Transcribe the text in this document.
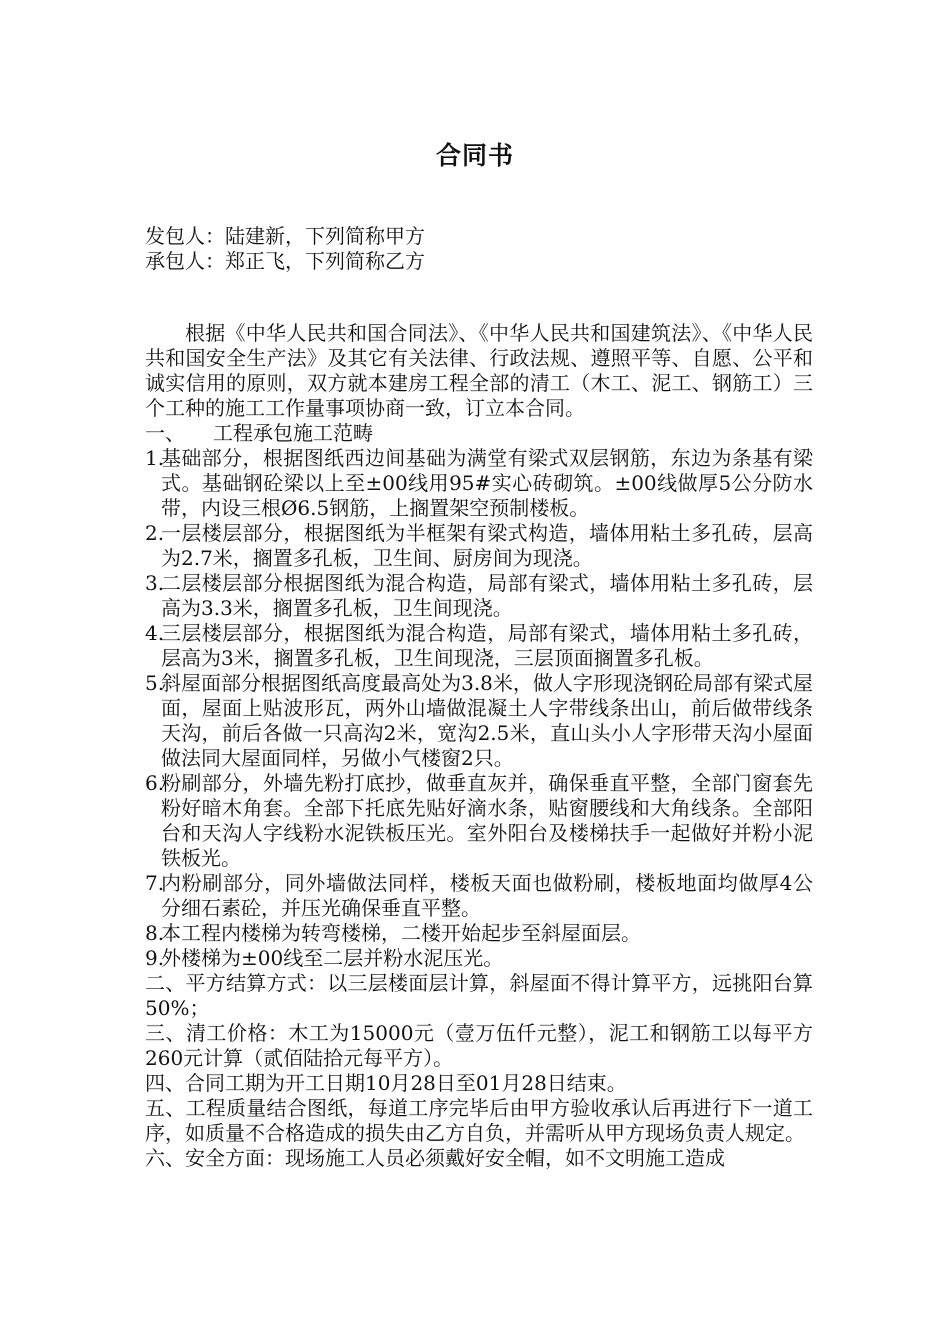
合同书
发包人：陆建新，下列简称甲方
承包人：郑正飞，下列简称乙方
根据《中华人民共和国合同法》、《中华人民共和国建筑法》、《中华人民共和国安全生产法》及其它有关法律、行政法规、遵照平等、自愿、公平和诚实信用的原则，双方就本建房工程全部的清工（木工、泥工、钢筋工）三个工种的施工工作量事项协商一致，订立本合同。
一、 工程承包施工范畴
1.
基础部分，根据图纸西边间基础为满堂有梁式双层钢筋，东边为条基有梁式。基础钢砼梁以上至±00线用95#实心砖砌筑。±00线做厚5公分防水带，内设三根Ø6.5钢筋，上搁置架空预制楼板。
2.
一层楼层部分，根据图纸为半框架有梁式构造，墙体用粘土多孔砖，层高为2.7米，搁置多孔板，卫生间、厨房间为现浇。
3.
二层楼层部分根据图纸为混合构造，局部有梁式，墙体用粘土多孔砖，层高为3.3米，搁置多孔板，卫生间现浇。
4.
三层楼层部分，根据图纸为混合构造，局部有梁式，墙体用粘土多孔砖，层高为3米，搁置多孔板，卫生间现浇，三层顶面搁置多孔板。
5.
斜屋面部分根据图纸高度最高处为3.8米，做人字形现浇钢砼局部有梁式屋面，屋面上贴波形瓦，两外山墙做混凝土人字带线条出山，前后做带线条天沟，前后各做一只高沟2米，宽沟2.5米，直山头小人字形带天沟小屋面做法同大屋面同样，另做小气楼窗2只。
6.
粉刷部分，外墙先粉打底抄，做垂直灰并，确保垂直平整，全部门窗套先粉好暗木角套。全部下托底先贴好滴水条，贴窗腰线和大角线条。全部阳台和天沟人字线粉水泥铁板压光。室外阳台及楼梯扶手一起做好并粉小泥铁板光。
7.
内粉刷部分，同外墙做法同样，楼板天面也做粉刷，楼板地面均做厚4公分细石素砼，并压光确保垂直平整。
8.
本工程内楼梯为转弯楼梯，二楼开始起步至斜屋面层。
9.
外楼梯为±00线至二层并粉水泥压光。
二、平方结算方式：以三层楼面层计算，斜屋面不得计算平方，远挑阳台算50%；
三、清工价格：木工为15000元（壹万伍仟元整），泥工和钢筋工以每平方260元计算（贰佰陆拾元每平方）。
四、合同工期为开工日期10月28日至01月28日结束。
五、工程质量结合图纸，每道工序完毕后由甲方验收承认后再进行下一道工序，如质量不合格造成的损失由乙方自负，并需听从甲方现场负责人规定。
六、安全方面：现场施工人员必须戴好安全帽，如不文明施工造成
